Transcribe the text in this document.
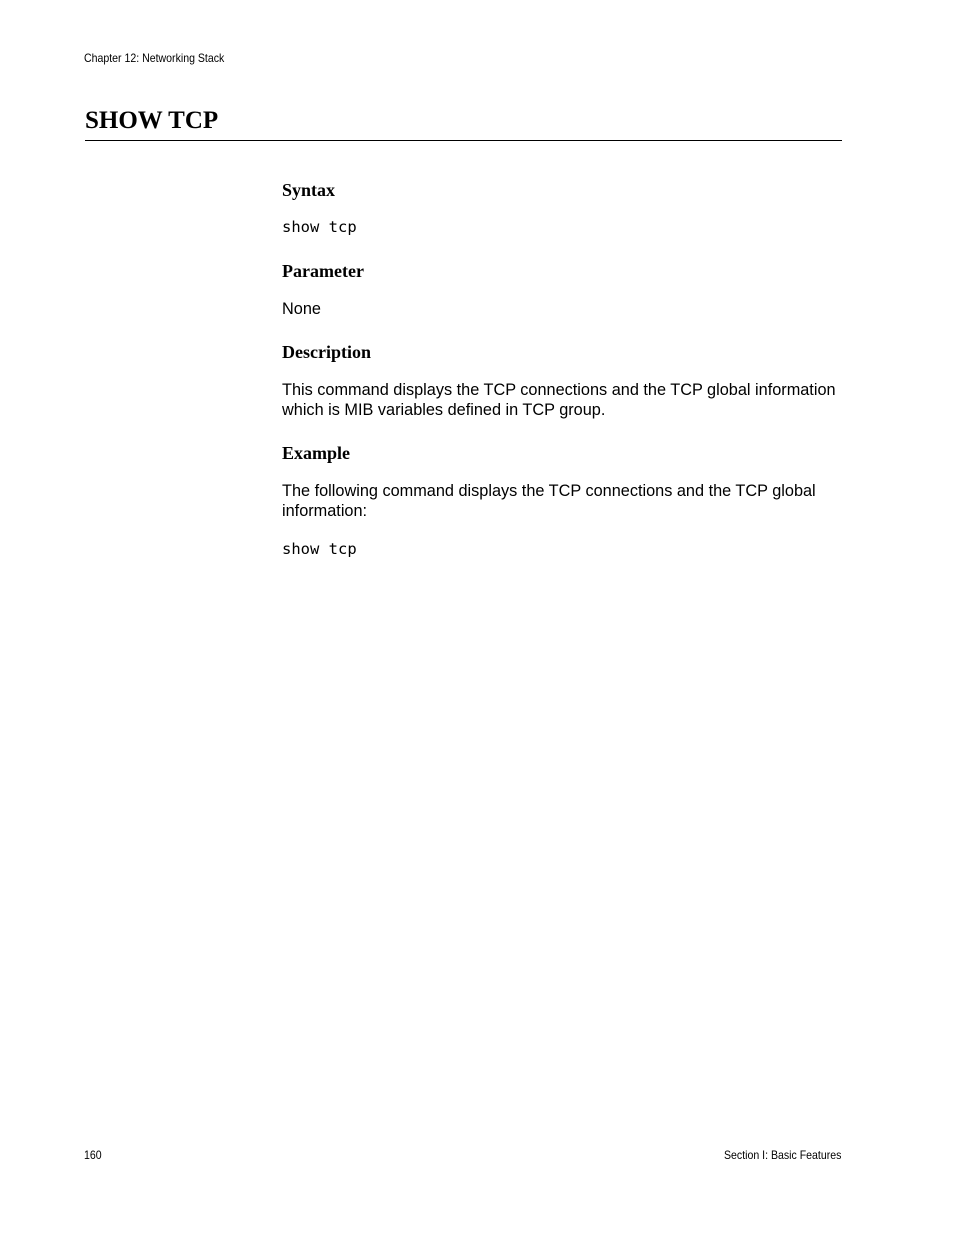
Chapter 12: Networking Stack
SHOW TCP
Syntax
show tcp
Parameter

None

Description

This command displays the TCP connections and the TCP global information which is MIB variables defined in TCP group.

Example

The following command displays the TCP connections and the TCP global information:

show tcp
160	Section I: Basic Features
